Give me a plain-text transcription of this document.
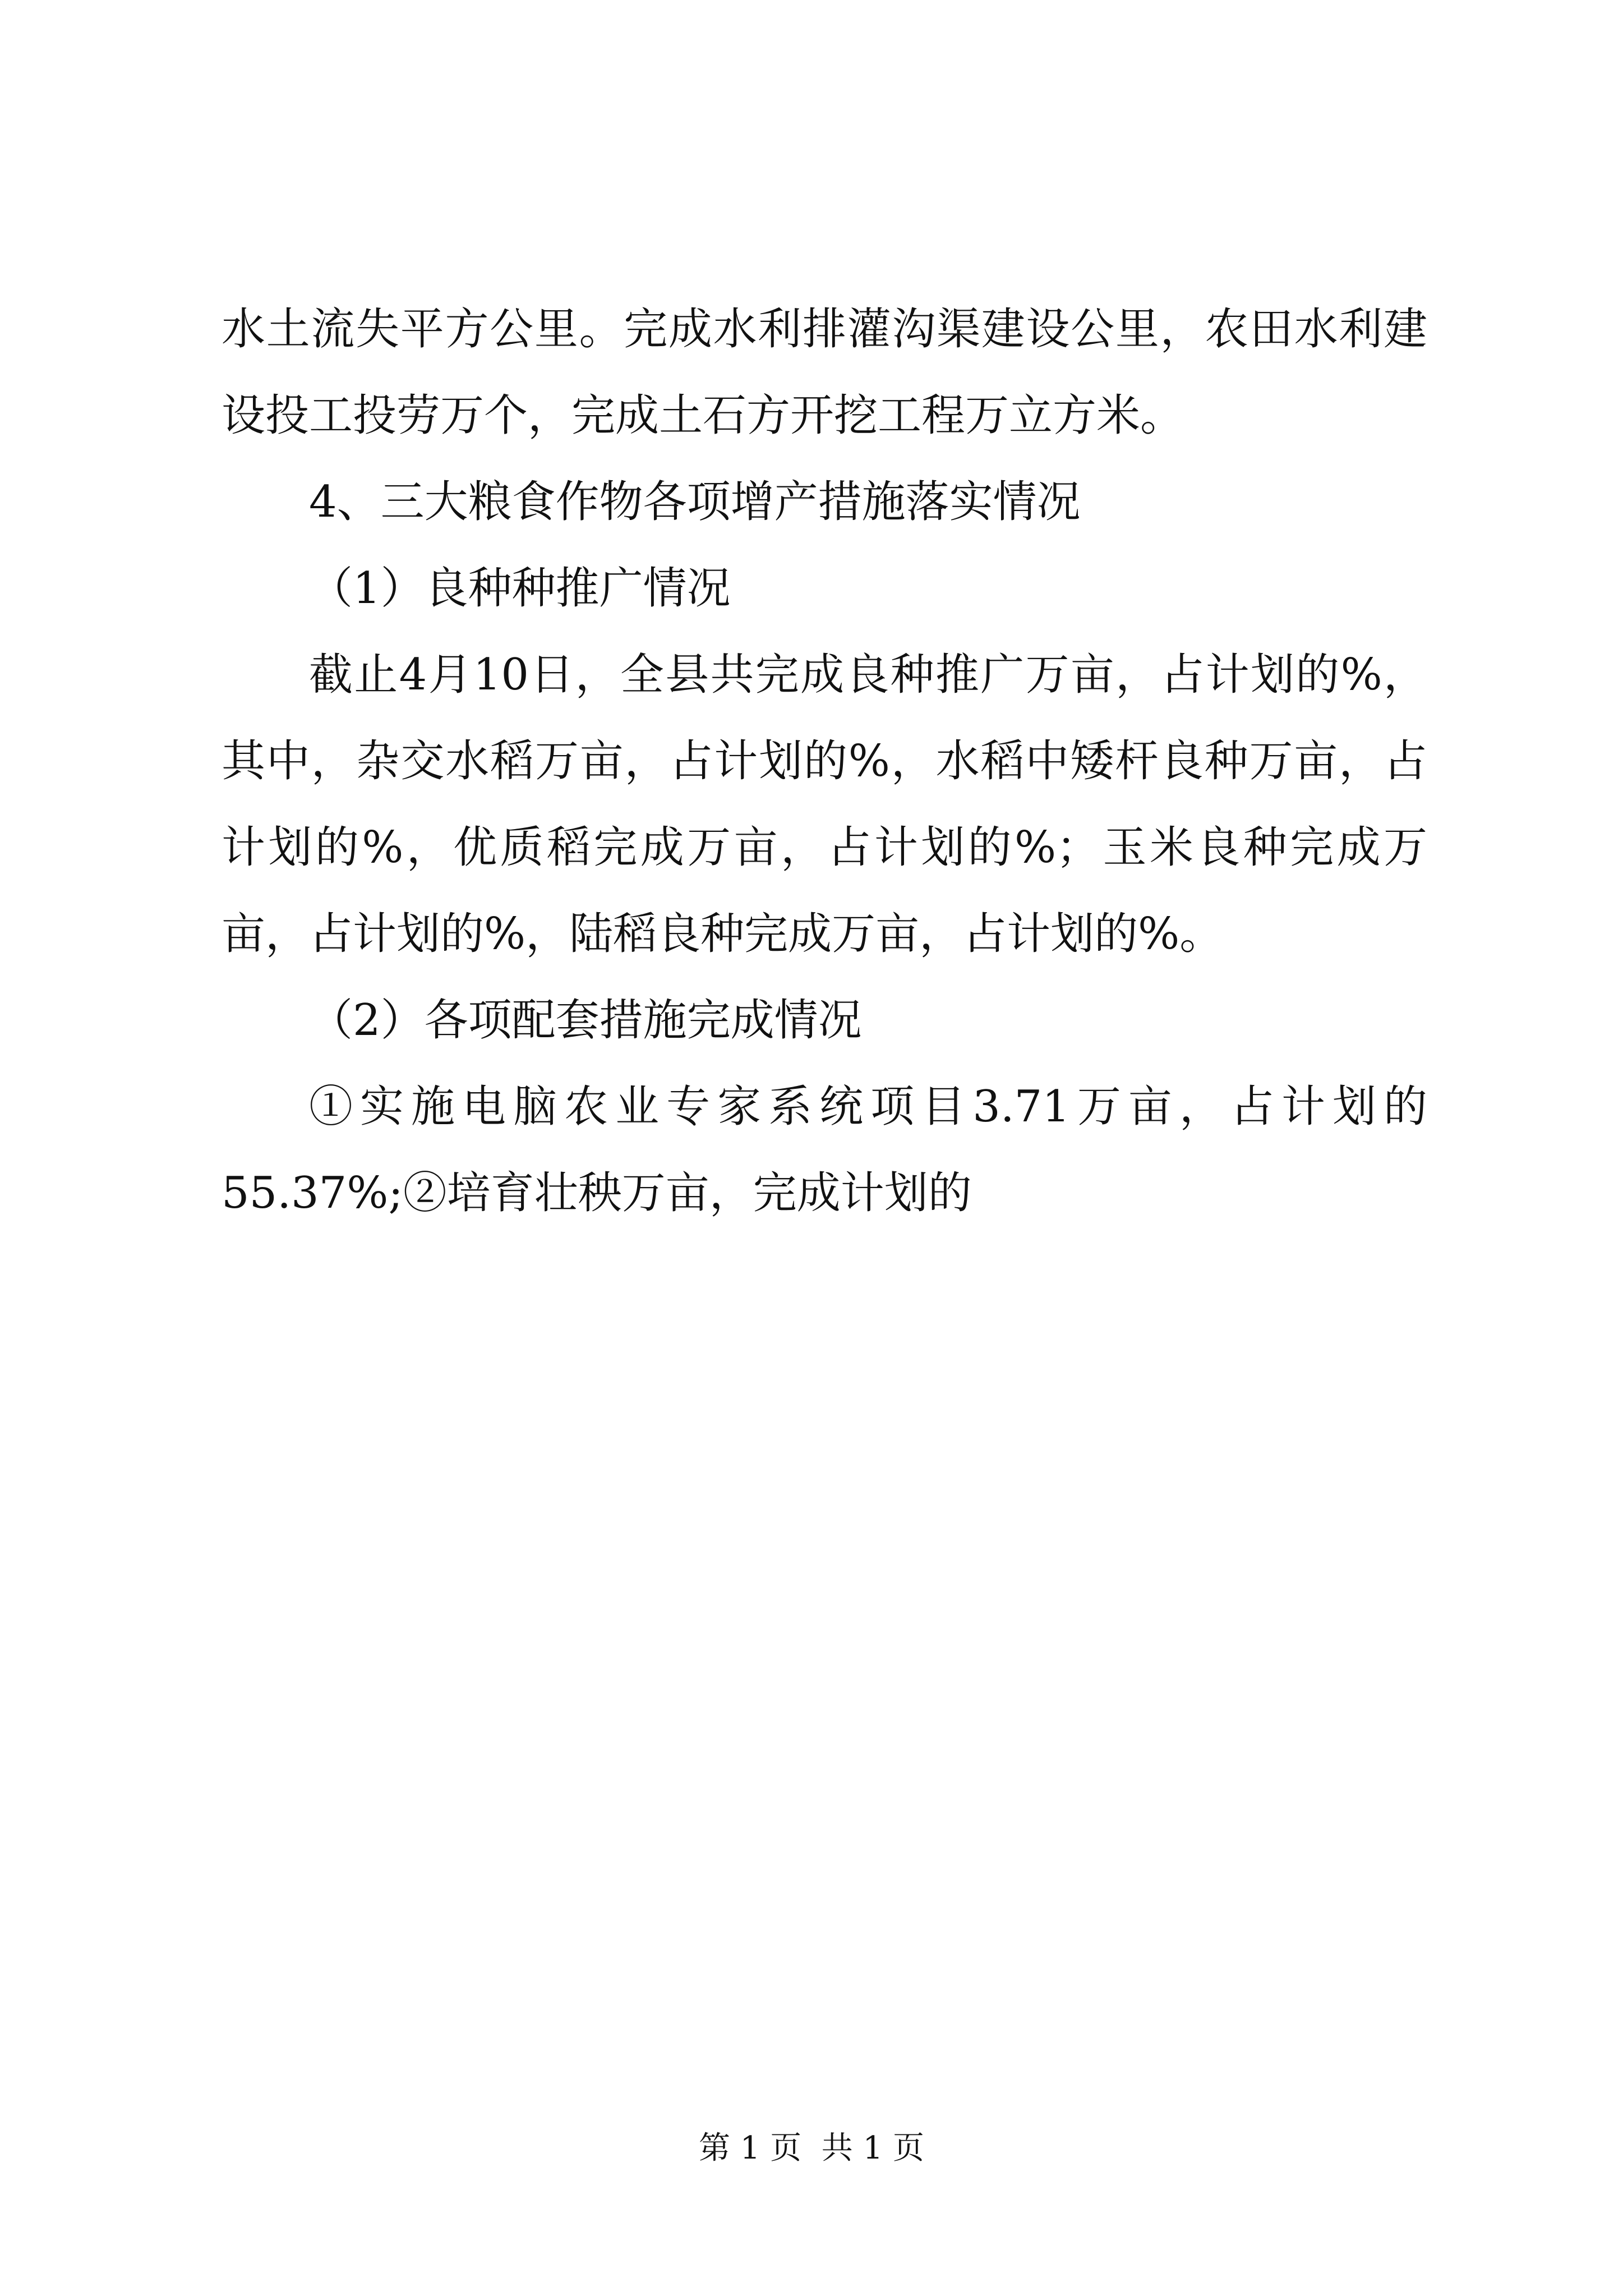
水土流失平方公里。完成水利排灌沟渠建设公里，农田水利建设投工投劳万个，完成土石方开挖工程万立方米。

4、三大粮食作物各项增产措施落实情况

（1）良种种推广情况

截止4月10日，全县共完成良种推广万亩，占计划的%，其中，杂交水稻万亩，占计划的%，水稻中矮杆良种万亩，占计划的%，优质稻完成万亩，占计划的%；玉米良种完成万亩，占计划的%，陆稻良种完成万亩，占计划的%。

（2）各项配套措施完成情况

①实施电脑农业专家系统项目3.71万亩，占计划的55.37%;②培育壮秧万亩，完成计划的

第 1 页  共 1 页
